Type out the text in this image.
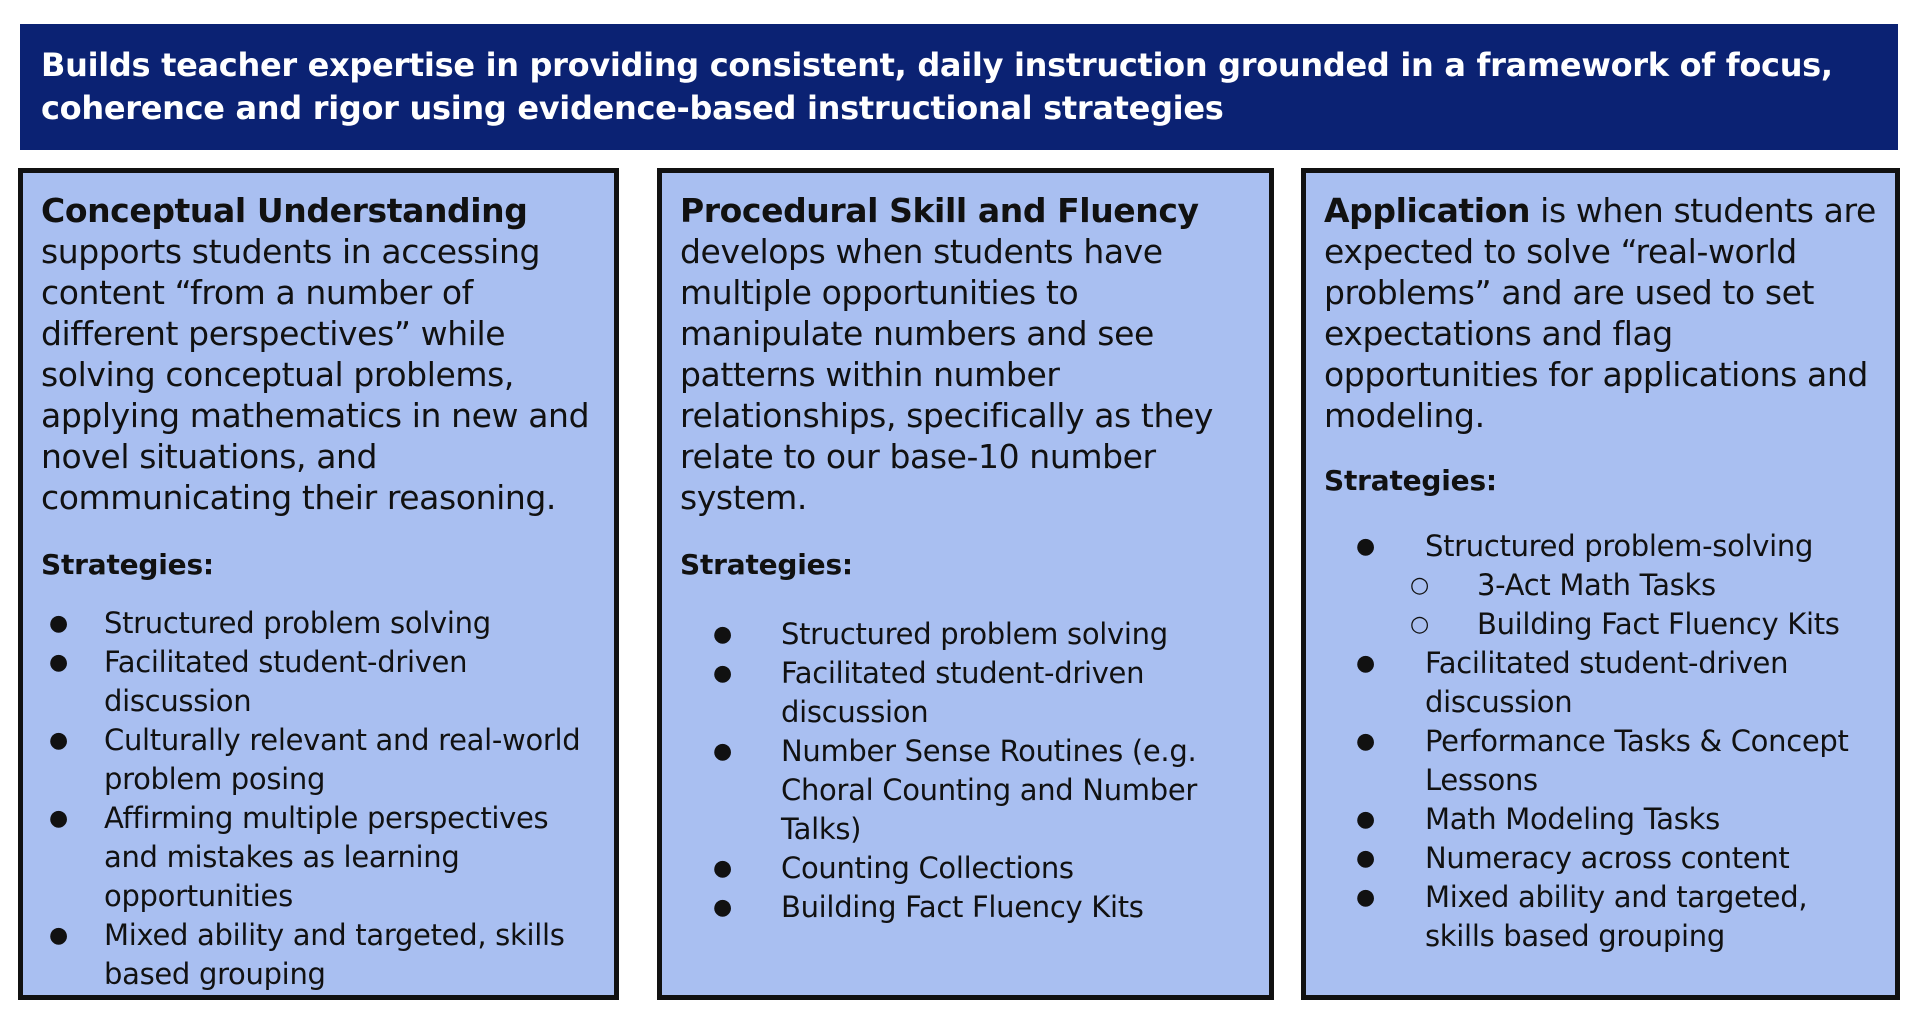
Builds teacher expertise in providing consistent, daily instruction grounded in a framework of focus, coherence and rigor using evidence-based instructional strategies

Conceptual Understanding
supports students in accessing content “from a number of different perspectives” while solving conceptual problems, applying mathematics in new and novel situations, and communicating their reasoning.

Strategies:

● Structured problem solving
● Facilitated student-driven discussion
● Culturally relevant and real-world problem posing
● Affirming multiple perspectives and mistakes as learning opportunities
● Mixed ability and targeted, skills based grouping

Procedural Skill and Fluency
develops when students have multiple opportunities to manipulate numbers and see patterns within number relationships, specifically as they relate to our base-10 number system.

Strategies:

● Structured problem solving
● Facilitated student-driven discussion
● Number Sense Routines (e.g. Choral Counting and Number Talks)
● Counting Collections
● Building Fact Fluency Kits

Application is when students are expected to solve “real-world problems” and are used to set expectations and flag opportunities for applications and modeling.

Strategies:

● Structured problem-solving
○ 3-Act Math Tasks
○ Building Fact Fluency Kits
● Facilitated student-driven discussion
● Performance Tasks & Concept Lessons
● Math Modeling Tasks
● Numeracy across content
● Mixed ability and targeted, skills based grouping
